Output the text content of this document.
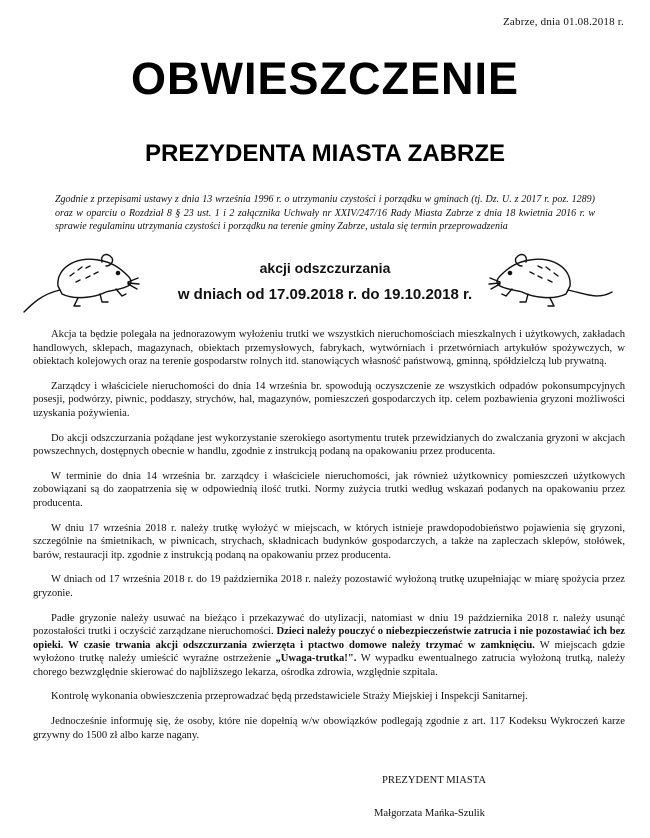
Zabrze, dnia 01.08.2018 r.
OBWIESZCZENIE
PREZYDENTA MIASTA ZABRZE
Zgodnie z przepisami ustawy z dnia 13 września 1996 r. o utrzymaniu czystości i porządku w gminach (tj. Dz. U. z 2017 r. poz. 1289) oraz w oparciu o Rozdział 8 § 23 ust. 1 i 2 załącznika Uchwały nr XXIV/247/16 Rady Miasta Zabrze z dnia 18 kwietnia 2016 r. w sprawie regulaminu utrzymania czystości i porządku na terenie gminy Zabrze, ustala się termin przeprowadzenia
akcji odszczurzania
w dniach od 17.09.2018 r. do 19.10.2018 r.

Akcja ta będzie polegała na jednorazowym wyłożeniu trutki we wszystkich nieruchomościach mieszkalnych i użytkowych, zakładach handlowych, sklepach, magazynach, obiektach przemysłowych, fabrykach, wytwórniach i przetwórniach artykułów spożywczych, w obiektach kolejowych oraz na terenie gospodarstw rolnych itd. stanowiących własność państwową, gminną, spółdzielczą lub prywatną.

Zarządcy i właściciele nieruchomości do dnia 14 września br. spowodują oczyszczenie ze wszystkich odpadów pokonsumpcyjnych posesji, podwórzy, piwnic, poddaszy, strychów, hal, magazynów, pomieszczeń gospodarczych itp. celem pozbawienia gryzoni możliwości uzyskania pożywienia.

Do akcji odszczurzania pożądane jest wykorzystanie szerokiego asortymentu trutek przewidzianych do zwalczania gryzoni w akcjach powszechnych, dostępnych obecnie w handlu, zgodnie z instrukcją podaną na opakowaniu przez producenta.

W terminie do dnia 14 września br. zarządcy i właściciele nieruchomości, jak również użytkownicy pomieszczeń użytkowych zobowiązani są do zaopatrzenia się w odpowiednią ilość trutki. Normy zużycia trutki według wskazań podanych na opakowaniu przez producenta.

W dniu 17 września 2018 r. należy trutkę wyłożyć w miejscach, w których istnieje prawdopodobieństwo pojawienia się gryzoni, szczególnie na śmietnikach, w piwnicach, strychach, składnicach budynków gospodarczych, a także na zapleczach sklepów, stołówek, barów, restauracji itp. zgodnie z instrukcją podaną na opakowaniu przez producenta.

W dniach od 17 września 2018 r. do 19 października 2018 r. należy pozostawić wyłożoną trutkę uzupełniając w miarę spożycia przez gryzonie.

Padłe gryzonie należy usuwać na bieżąco i przekazywać do utylizacji, natomiast w dniu 19 października 2018 r. należy usunąć pozostałości trutki i oczyścić zarządzane nieruchomości. Dzieci należy pouczyć o niebezpieczeństwie zatrucia i nie pozostawiać ich bez opieki. W czasie trwania akcji odszczurzania zwierzęta i ptactwo domowe należy trzymać w zamknięciu. W miejscach gdzie wyłożono trutkę należy umieścić wyraźne ostrzeżenie „Uwaga-trutka!". W wypadku ewentualnego zatrucia wyłożoną trutką, należy chorego bezwzględnie skierować do najbliższego lekarza, ośrodka zdrowia, względnie szpitala.

Kontrolę wykonania obwieszczenia przeprowadzać będą przedstawiciele Straży Miejskiej i Inspekcji Sanitarnej.

Jednocześnie informuję się, że osoby, które nie dopełnią w/w obowiązków podlegają zgodnie z art. 117 Kodeksu Wykroczeń karze grzywny do 1500 zł albo karze nagany.

PREZYDENT MIASTA
Małgorzata Mańka-Szulik
